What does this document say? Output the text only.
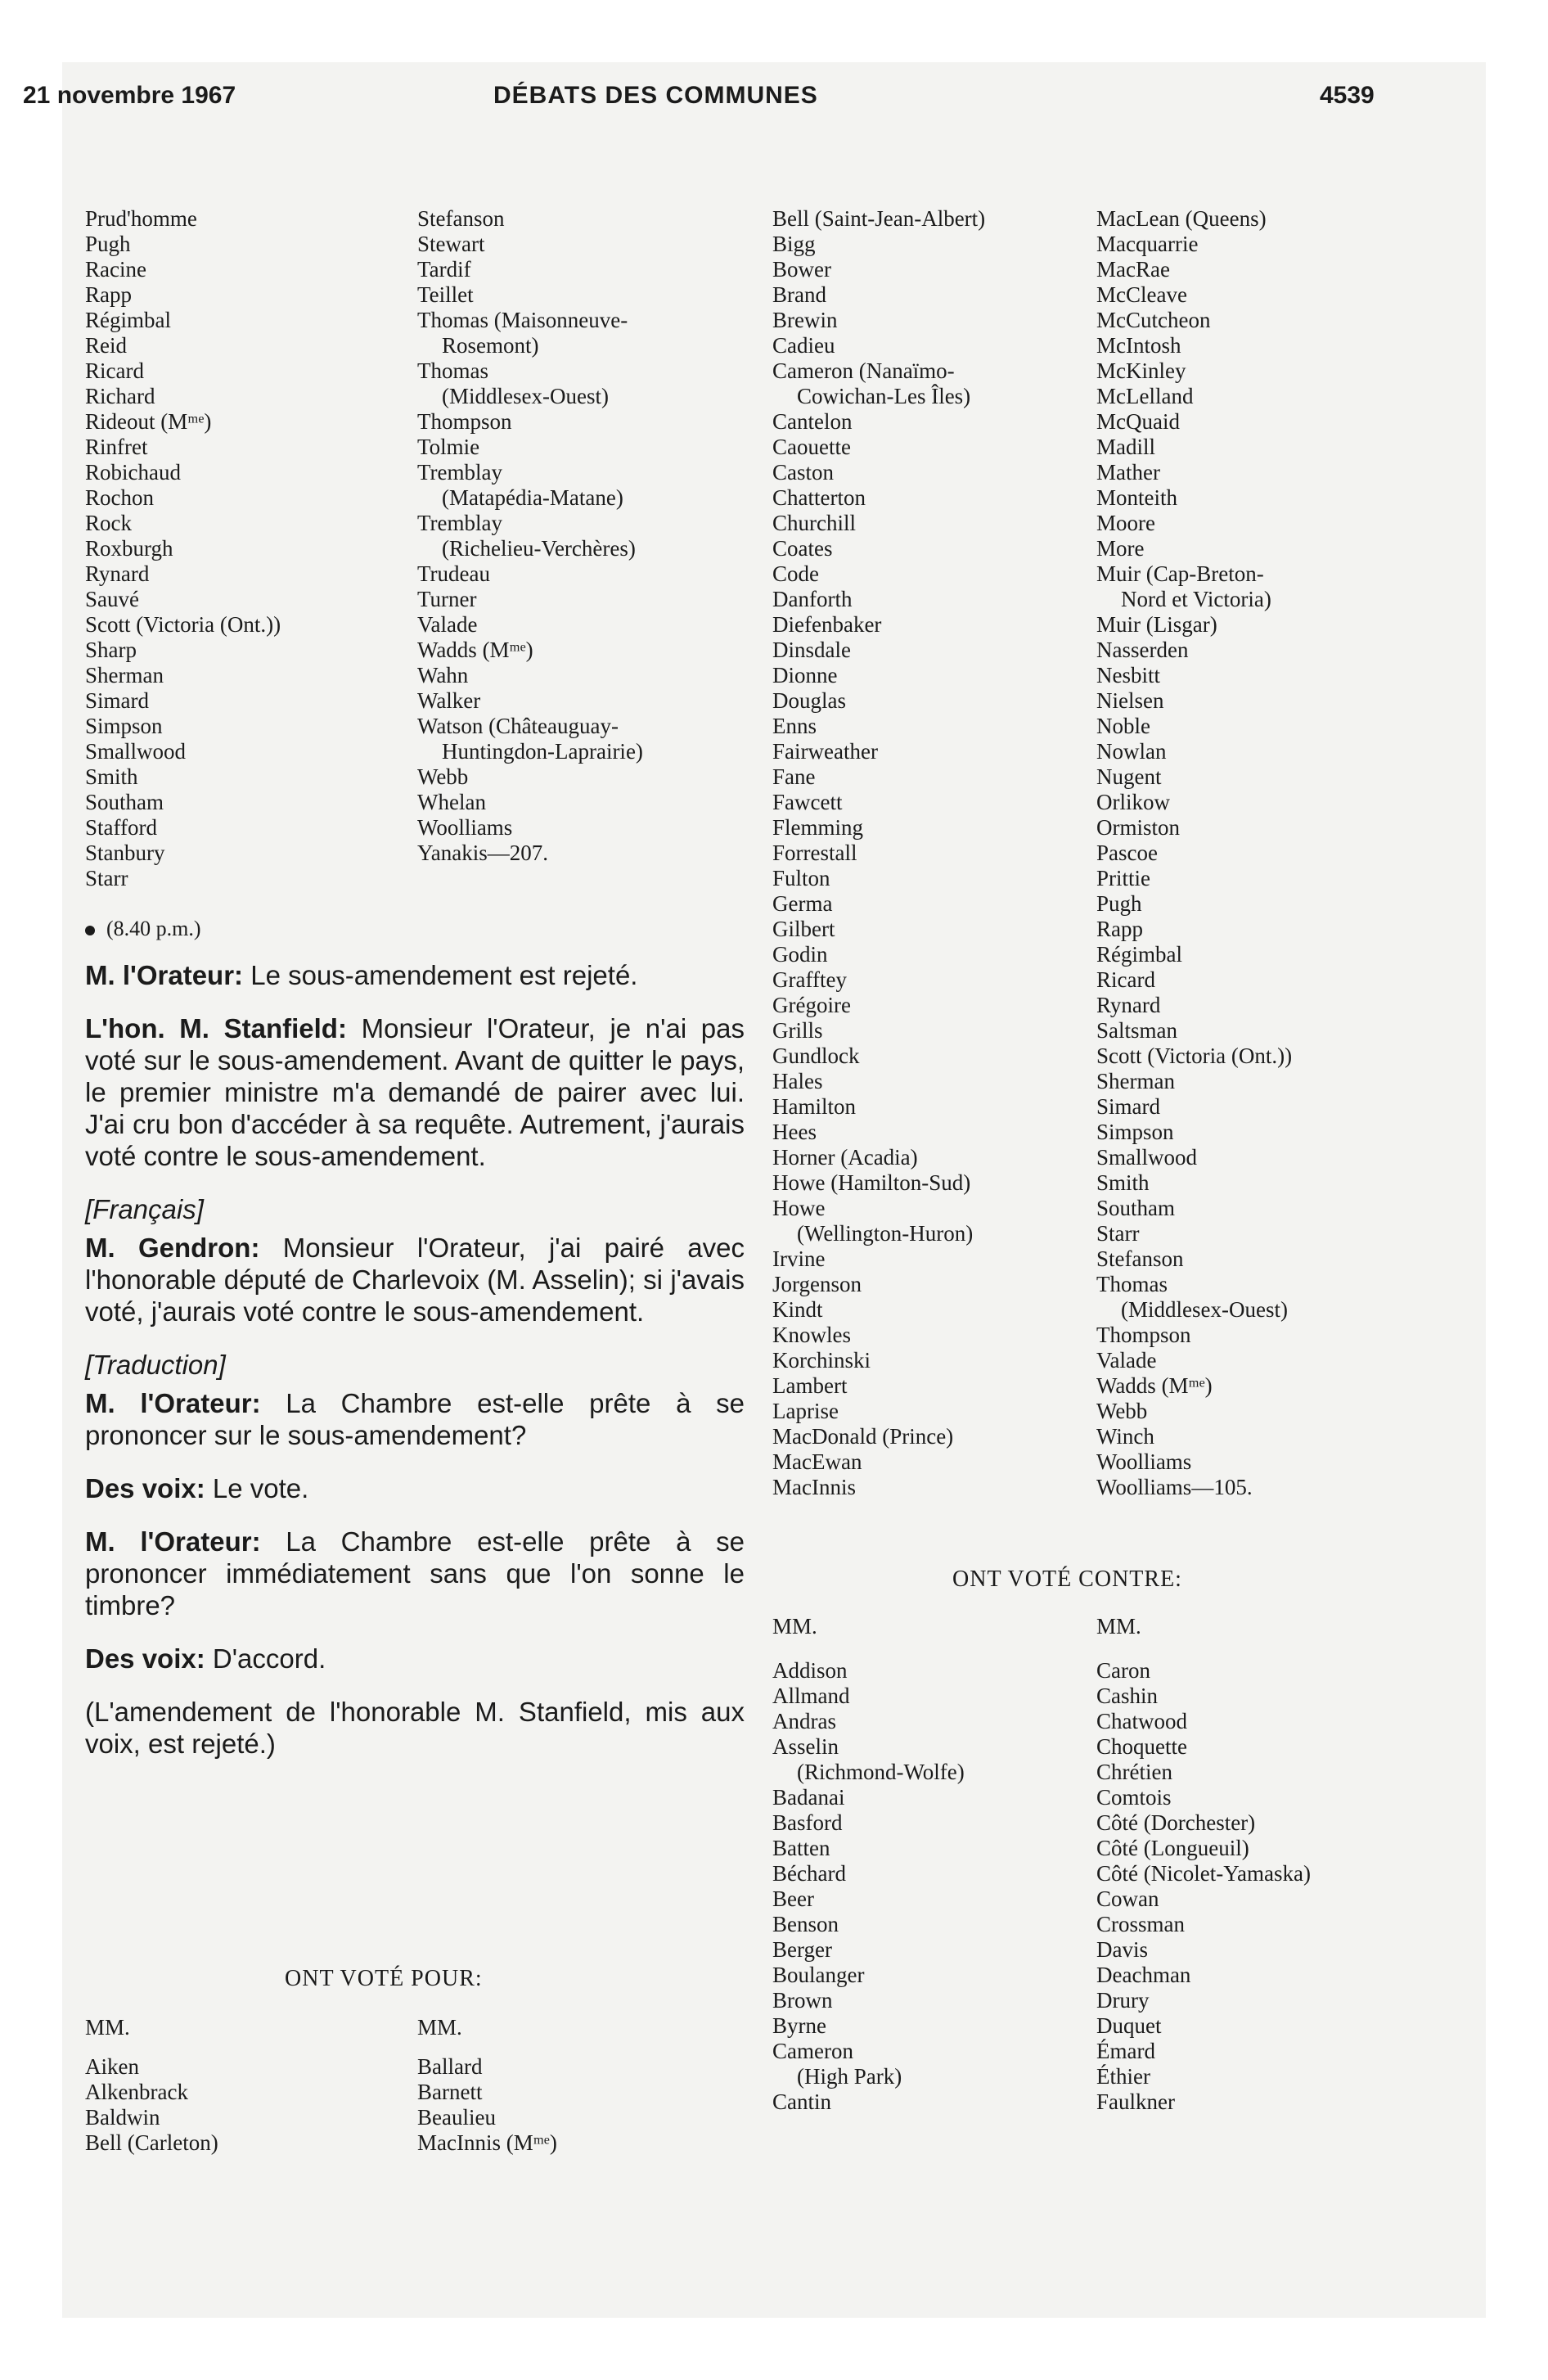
21 novembre 1967	DÉBATS DES COMMUNES	4539
Prud'homme
Pugh
Racine
Rapp
Régimbal
Reid
Ricard
Richard
Rideout (Mᵐᵉ)
Rinfret
Robichaud
Rochon
Rock
Roxburgh
Rynard
Sauvé
Scott (Victoria (Ont.))
Sharp
Sherman
Simard
Simpson
Smallwood
Smith
Southam
Stafford
Stanbury
Starr
Stefanson
Stewart
Tardif
Teillet
Thomas (Maisonneuve-
Rosemont)
Thomas
(Middlesex-Ouest)
Thompson
Tolmie
Tremblay
(Matapédia-Matane)
Tremblay
(Richelieu-Verchères)
Trudeau
Turner
Valade
Wadds (Mᵐᵉ)
Wahn
Walker
Watson (Châteauguay-
Huntingdon-Laprairie)
Webb
Whelan
Woolliams
Yanakis—207.
Bell (Saint-Jean-Albert)
Bigg
Bower
Brand
Brewin
Cadieu
Cameron (Nanaïmo-
Cowichan-Les Îles)
Cantelon
Caouette
Caston
Chatterton
Churchill
Coates
Code
Danforth
Diefenbaker
Dinsdale
Dionne
Douglas
Enns
Fairweather
Fane
Fawcett
Flemming
Forrestall
Fulton
Germa
Gilbert
Godin
Grafftey
Grégoire
Grills
Gundlock
Hales
Hamilton
Hees
Horner (Acadia)
Howe (Hamilton-Sud)
Howe
(Wellington-Huron)
Irvine
Jorgenson
Kindt
Knowles
Korchinski
Lambert
Laprise
MacDonald (Prince)
MacEwan
MacInnis
MacLean (Queens)
Macquarrie
MacRae
McCleave
McCutcheon
McIntosh
McKinley
McLelland
McQuaid
Madill
Mather
Monteith
Moore
More
Muir (Cap-Breton-
Nord et Victoria)
Muir (Lisgar)
Nasserden
Nesbitt
Nielsen
Noble
Nowlan
Nugent
Orlikow
Ormiston
Pascoe
Prittie
Pugh
Rapp
Régimbal
Ricard
Rynard
Saltsman
Scott (Victoria (Ont.))
Sherman
Simard
Simpson
Smallwood
Smith
Southam
Starr
Stefanson
Thomas
(Middlesex-Ouest)
Thompson
Valade
Wadds (Mᵐᵉ)
Webb
Winch
Woolliams
Woolliams—105.
(8.40 p.m.)

M. l'Orateur: Le sous-amendement est rejeté.

L'hon. M. Stanfield: Monsieur l'Orateur, je n'ai pas voté sur le sous-amendement. Avant de quitter le pays, le premier ministre m'a demandé de pairer avec lui. J'ai cru bon d'accéder à sa requête. Autrement, j'aurais voté contre le sous-amendement.

[Français]

M. Gendron: Monsieur l'Orateur, j'ai pairé avec l'honorable député de Charlevoix (M. Asselin); si j'avais voté, j'aurais voté contre le sous-amendement.

[Traduction]

M. l'Orateur: La Chambre est-elle prête à se prononcer sur le sous-amendement?

Des voix: Le vote.

M. l'Orateur: La Chambre est-elle prête à se prononcer immédiatement sans que l'on sonne le timbre?

Des voix: D'accord.

(L'amendement de l'honorable M. Stanfield, mis aux voix, est rejeté.)

ONT VOTÉ POUR:
MM.	MM.
Aiken
Alkenbrack
Baldwin
Bell (Carleton)
Ballard
Barnett
Beaulieu
MacInnis (Mᵐᵉ)
ONT VOTÉ CONTRE:
MM.	MM.
Addison
Allmand
Andras
Asselin
(Richmond-Wolfe)
Badanai
Basford
Batten
Béchard
Beer
Benson
Berger
Boulanger
Brown
Byrne
Cameron
(High Park)
Cantin
Caron
Cashin
Chatwood
Choquette
Chrétien
Comtois
Côté (Dorchester)
Côté (Longueuil)
Côté (Nicolet-Yamaska)
Cowan
Crossman
Davis
Deachman
Drury
Duquet
Émard
Éthier
Faulkner
